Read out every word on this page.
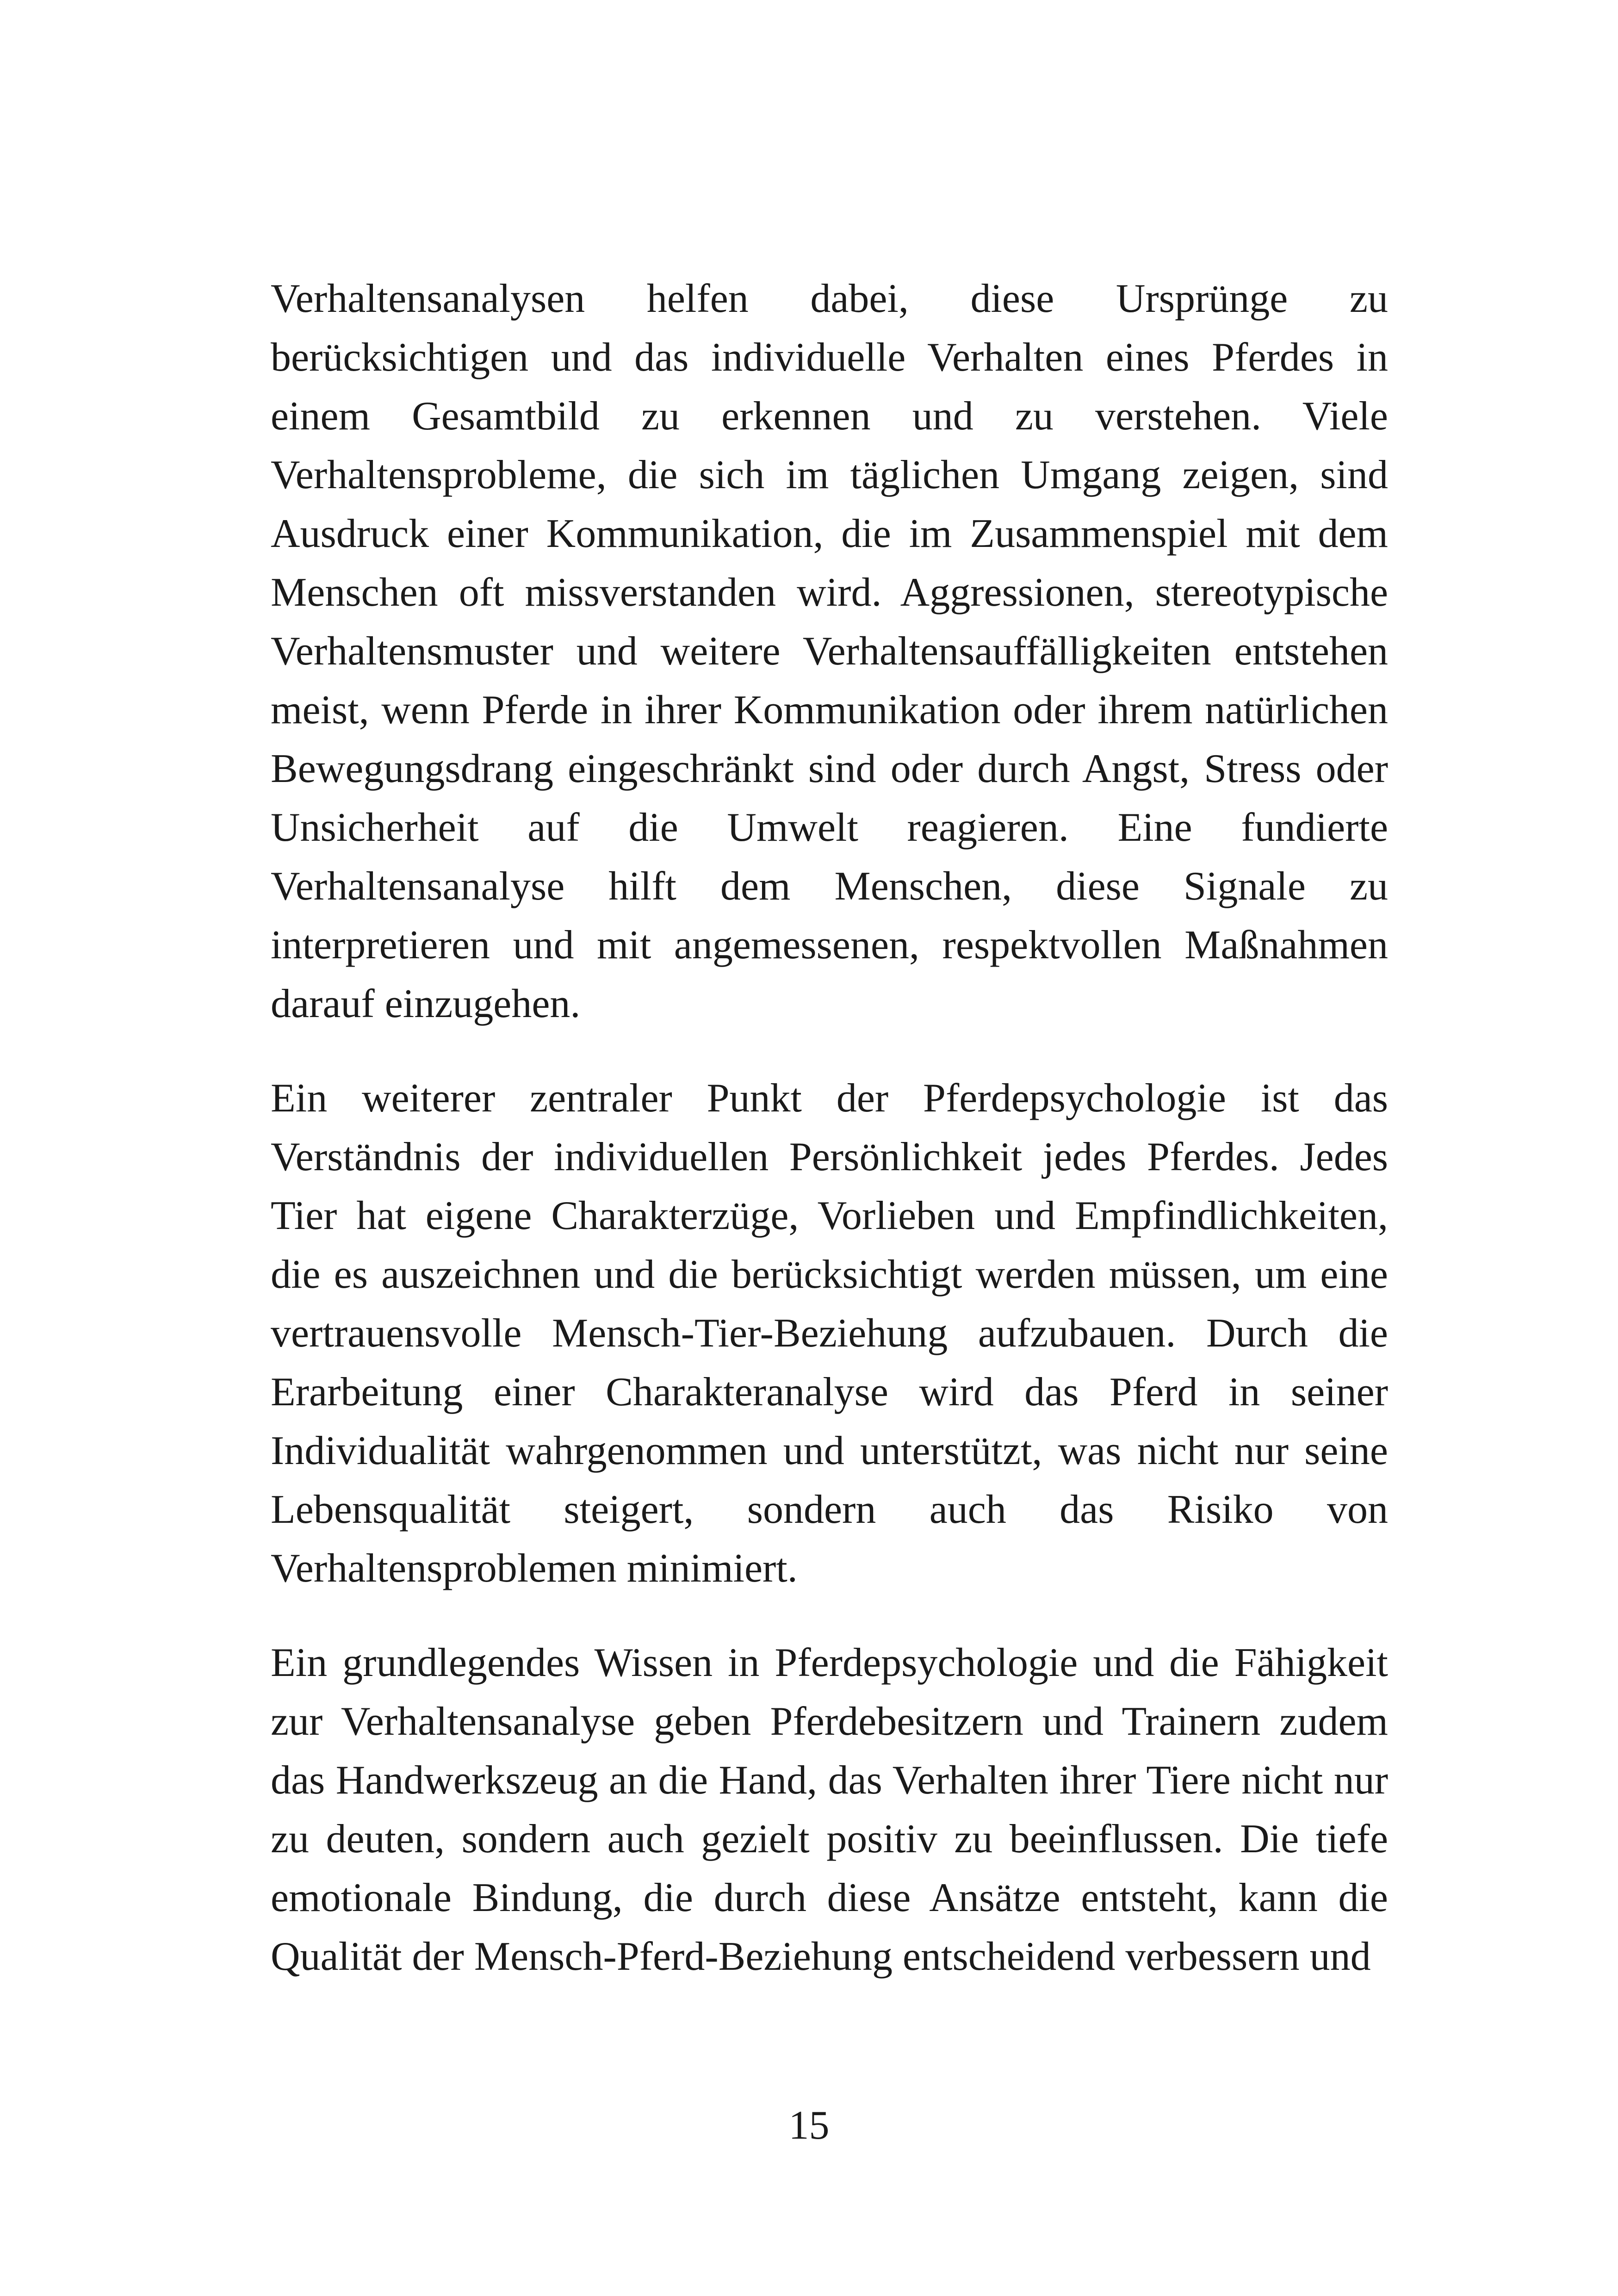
Verhaltensanalysen helfen dabei, diese Ursprünge zu berücksichtigen und das individuelle Verhalten eines Pferdes in einem Gesamtbild zu erkennen und zu verstehen. Viele Verhaltensprobleme, die sich im täglichen Umgang zeigen, sind Ausdruck einer Kommunikation, die im Zusammenspiel mit dem Menschen oft missverstanden wird. Aggressionen, stereotypische Verhaltensmuster und weitere Verhaltensauffälligkeiten entstehen meist, wenn Pferde in ihrer Kommunikation oder ihrem natürlichen Bewegungsdrang eingeschränkt sind oder durch Angst, Stress oder Unsicherheit auf die Umwelt reagieren. Eine fundierte Verhaltensanalyse hilft dem Menschen, diese Signale zu interpretieren und mit angemessenen, respektvollen Maßnahmen darauf einzugehen.

Ein weiterer zentraler Punkt der Pferdepsychologie ist das Verständnis der individuellen Persönlichkeit jedes Pferdes. Jedes Tier hat eigene Charakterzüge, Vorlieben und Empfindlichkeiten, die es auszeichnen und die berücksichtigt werden müssen, um eine vertrauensvolle Mensch-Tier-Beziehung aufzubauen. Durch die Erarbeitung einer Charakteranalyse wird das Pferd in seiner Individualität wahrgenommen und unterstützt, was nicht nur seine Lebensqualität steigert, sondern auch das Risiko von Verhaltensproblemen minimiert.

Ein grundlegendes Wissen in Pferdepsychologie und die Fähigkeit zur Verhaltensanalyse geben Pferdebesitzern und Trainern zudem das Handwerkszeug an die Hand, das Verhalten ihrer Tiere nicht nur zu deuten, sondern auch gezielt positiv zu beeinflussen. Die tiefe emotionale Bindung, die durch diese Ansätze entsteht, kann die Qualität der Mensch-Pferd-Beziehung entscheidend verbessern und

15
